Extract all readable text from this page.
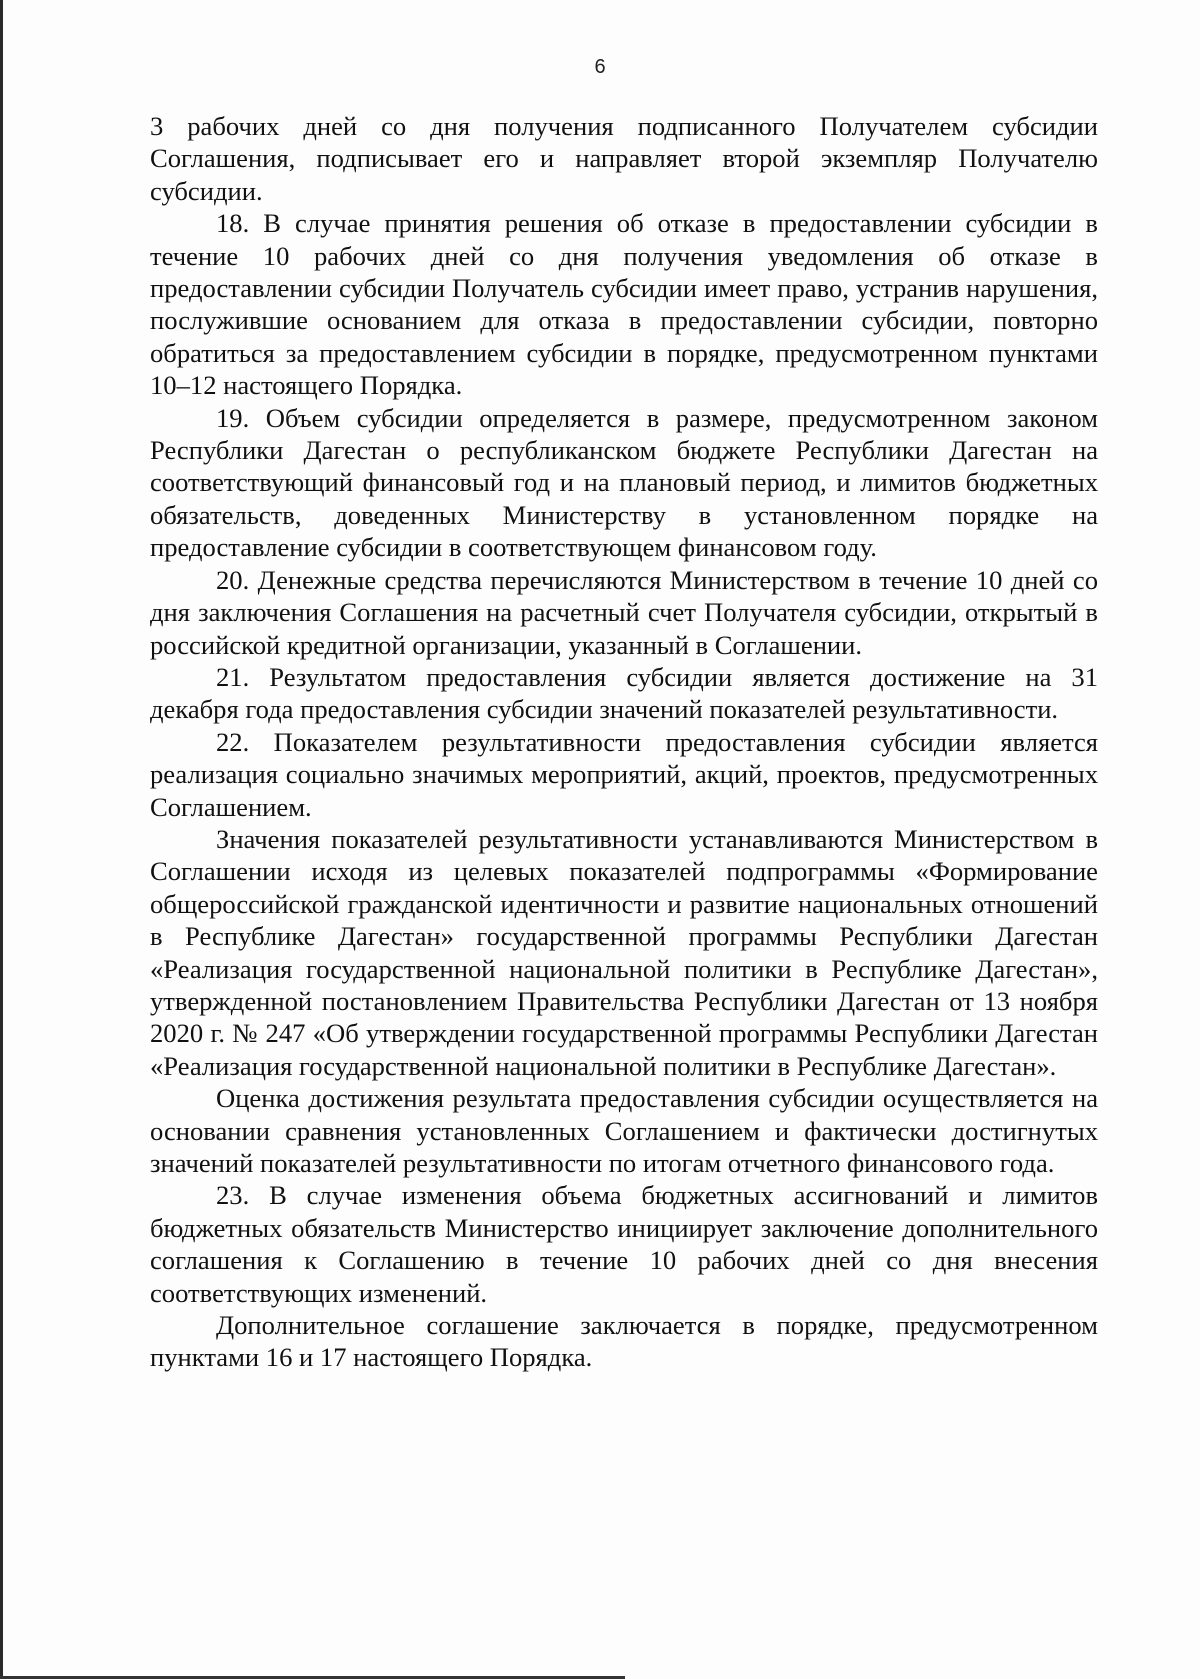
6

3 рабочих дней со дня получения подписанного Получателем субсидии Соглашения, подписывает его и направляет второй экземпляр Получателю субсидии.

18. В случае принятия решения об отказе в предоставлении субсидии в течение 10 рабочих дней со дня получения уведомления об отказе в предоставлении субсидии Получатель субсидии имеет право, устранив нарушения, послужившие основанием для отказа в предоставлении субсидии, повторно обратиться за предоставлением субсидии в порядке, предусмотренном пунктами 10–12 настоящего Порядка.

19. Объем субсидии определяется в размере, предусмотренном законом Республики Дагестан о республиканском бюджете Республики Дагестан на соответствующий финансовый год и на плановый период, и лимитов бюджетных обязательств, доведенных Министерству в установленном порядке на предоставление субсидии в соответствующем финансовом году.

20. Денежные средства перечисляются Министерством в течение 10 дней со дня заключения Соглашения на расчетный счет Получателя субсидии, открытый в российской кредитной организации, указанный в Соглашении.

21. Результатом предоставления субсидии является достижение на 31 декабря года предоставления субсидии значений показателей результативности.

22. Показателем результативности предоставления субсидии является реализация социально значимых мероприятий, акций, проектов, предусмотренных Соглашением.

Значения показателей результативности устанавливаются Министерством в Соглашении исходя из целевых показателей подпрограммы «Формирование общероссийской гражданской идентичности и развитие национальных отношений в Республике Дагестан» государственной программы Республики Дагестан «Реализация государственной национальной политики в Республике Дагестан», утвержденной постановлением Правительства Республики Дагестан от 13 ноября 2020 г. № 247 «Об утверждении государственной программы Республики Дагестан «Реализация государственной национальной политики в Республике Дагестан».

Оценка достижения результата предоставления субсидии осуществляется на основании сравнения установленных Соглашением и фактически достигнутых значений показателей результативности по итогам отчетного финансового года.

23. В случае изменения объема бюджетных ассигнований и лимитов бюджетных обязательств Министерство инициирует заключение дополнительного соглашения к Соглашению в течение 10 рабочих дней со дня внесения соответствующих изменений.

Дополнительное соглашение заключается в порядке, предусмотренном пунктами 16 и 17 настоящего Порядка.
